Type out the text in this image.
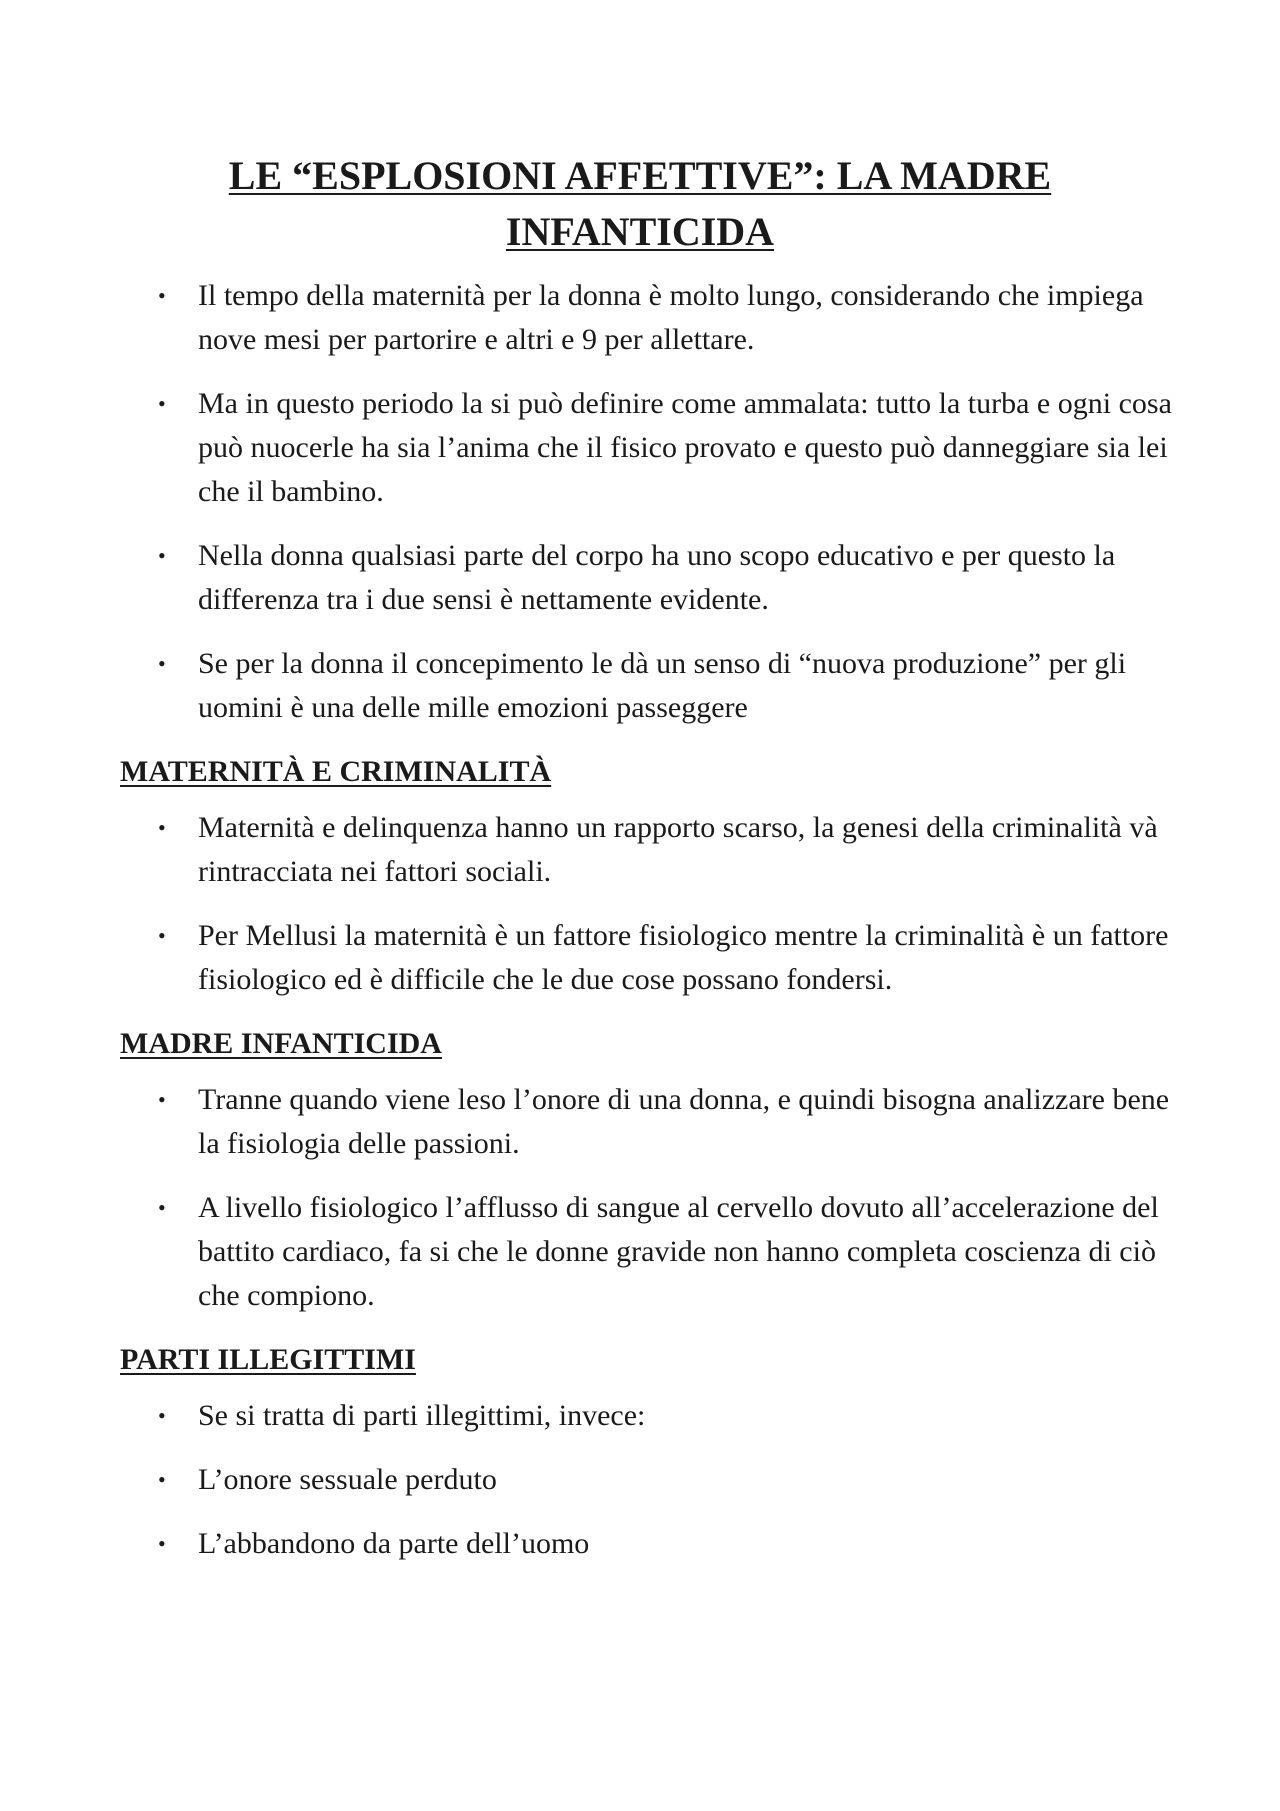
LE “ESPLOSIONI AFFETTIVE”: LA MADRE
INFANTICIDA
• Il tempo della maternità per la donna è molto lungo, considerando che impiega nove mesi per partorire e altri e 9 per allettare.
• Ma in questo periodo la si può definire come ammalata: tutto la turba e ogni cosa può nuocerle ha sia l’anima che il fisico provato e questo può danneggiare sia lei che il bambino.
• Nella donna qualsiasi parte del corpo ha uno scopo educativo e per questo la differenza tra i due sensi è nettamente evidente.
• Se per la donna il concepimento le dà un senso di “nuova produzione” per gli uomini è una delle mille emozioni passeggere
MATERNITÀ E CRIMINALITÀ
• Maternità e delinquenza hanno un rapporto scarso, la genesi della criminalità và rintracciata nei fattori sociali.
• Per Mellusi la maternità è un fattore fisiologico mentre la criminalità è un fattore fisiologico ed è difficile che le due cose possano fondersi.
MADRE INFANTICIDA
• Tranne quando viene leso l’onore di una donna, e quindi bisogna analizzare bene la fisiologia delle passioni.
• A livello fisiologico l’afflusso di sangue al cervello dovuto all’accelerazione del battito cardiaco, fa si che le donne gravide non hanno completa coscienza di ciò che compiono.
PARTI ILLEGITTIMI
• Se si tratta di parti illegittimi, invece:
• L’onore sessuale perduto
• L’abbandono da parte dell’uomo
